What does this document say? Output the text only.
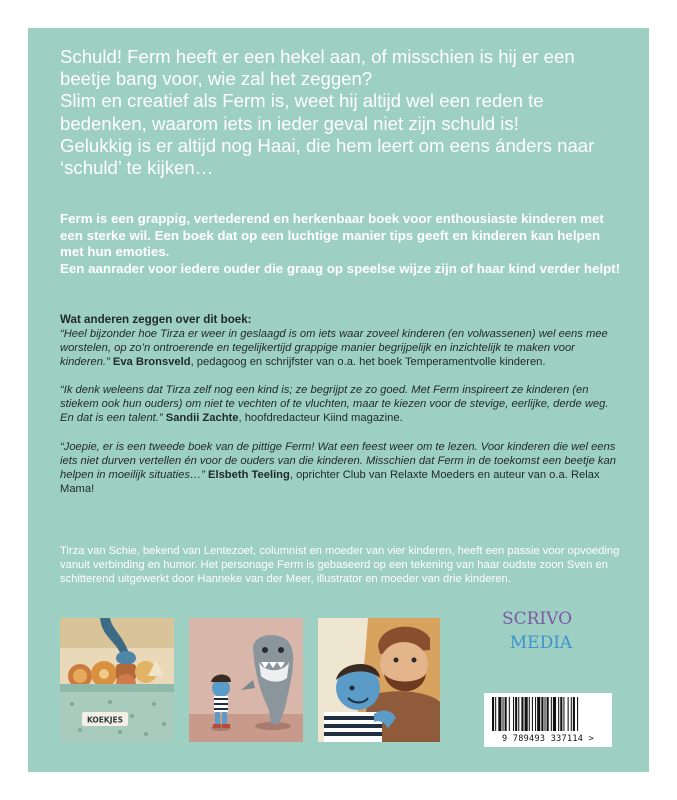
Schuld! Ferm heeft er een hekel aan, of misschien is hij er een beetje bang voor, wie zal het zeggen?

Slim en creatief als Ferm is, weet hij altijd wel een reden te bedenken, waarom iets in ieder geval niet zijn schuld is!

Gelukkig is er altijd nog Haai, die hem leert om eens ánders naar ‘schuld’ te kijken…

Ferm is een grappig, vertederend en herkenbaar boek voor enthousiaste kinderen met een sterke wil. Een boek dat op een luchtige manier tips geeft en kinderen kan helpen met hun emoties.

Een aanrader voor iedere ouder die graag op speelse wijze zijn of haar kind verder helpt!

Wat anderen zeggen over dit boek:

“Heel bijzonder hoe Tirza er weer in geslaagd is om iets waar zoveel kinderen (en volwassenen) wel eens mee worstelen, op zo’n ontroerende en tegelijkertijd grappige manier begrijpelijk en inzichtelijk te maken voor kinderen.” Eva Bronsveld, pedagoog en schrijfster van o.a. het boek Temperamentvolle kinderen.

“Ik denk weleens dat Tirza zelf nog een kind is; ze begrijpt ze zo goed. Met Ferm inspireert ze kinderen (en stiekem ook hun ouders) om niet te vechten of te vluchten, maar te kiezen voor de stevige, eerlijke, derde weg. En dat is een talent.” Sandii Zachte, hoofdredacteur Kiind magazine.

“Joepie, er is een tweede boek van de pittige Ferm! Wat een feest weer om te lezen. Voor kinderen die wel eens iets niet durven vertellen én voor de ouders van die kinderen. Misschien dat Ferm in de toekomst een beetje kan helpen in moeilijk situaties…” Elsbeth Teeling, oprichter Club van Relaxte Moeders en auteur van o.a. Relax Mama!

Tirza van Schie, bekend van Lentezoet, columnist en moeder van vier kinderen, heeft een passie voor opvoeding vanuit verbinding en humor. Het personage Ferm is gebaseerd op een tekening van haar oudste zoon Sven en schitterend uitgewerkt door Hanneke van der Meer, illustrator en moeder van drie kinderen.

KOEKJES
SCRIVO
MEDIA
9 789493 337114 >
